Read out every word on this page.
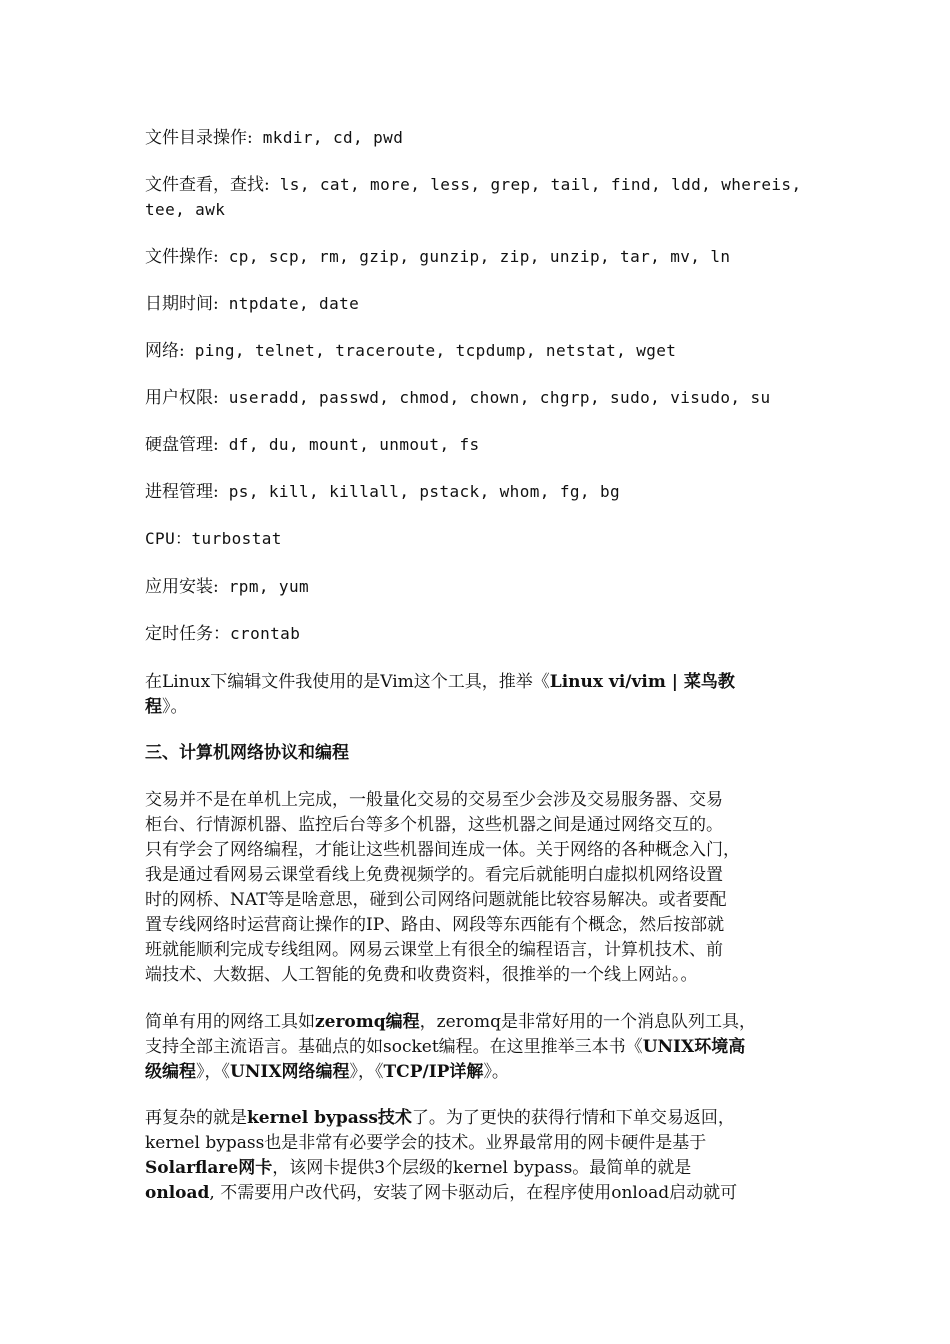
文件目录操作: mkdir, cd, pwd
文件查看，查找: ls, cat, more, less, grep, tail, find, ldd, whereis,
tee, awk
文件操作: cp, scp, rm, gzip, gunzip, zip, unzip, tar, mv, ln
日期时间: ntpdate, date
网络: ping, telnet, traceroute, tcpdump, netstat, wget
用户权限: useradd, passwd, chmod, chown, chgrp, sudo, visudo, su
硬盘管理: df, du, mount, unmout, fs
进程管理: ps, kill, killall, pstack, whom, fg, bg
CPU：turbostat
应用安装: rpm, yum
定时任务：crontab
在Linux下编辑文件我使用的是Vim这个工具，推举《Linux vi/vim | 菜鸟教
程》。
三、计算机网络协议和编程
交易并不是在单机上完成，一般量化交易的交易至少会涉及交易服务器、交易
柜台、行情源机器、监控后台等多个机器，这些机器之间是通过网络交互的。
只有学会了网络编程，才能让这些机器间连成一体。关于网络的各种概念入门，
我是通过看网易云课堂看线上免费视频学的。看完后就能明白虚拟机网络设置
时的网桥、NAT等是啥意思，碰到公司网络问题就能比较容易解决。或者要配
置专线网络时运营商让操作的IP、路由、网段等东西能有个概念，然后按部就
班就能顺利完成专线组网。网易云课堂上有很全的编程语言，计算机技术、前
端技术、大数据、人工智能的免费和收费资料，很推举的一个线上网站。。
简单有用的网络工具如zeromq编程，zeromq是非常好用的一个消息队列工具，
支持全部主流语言。基础点的如socket编程。在这里推举三本书《UNIX环境高
级编程》，《UNIX网络编程》，《TCP/IP详解》。
再复杂的就是kernel bypass技术了。为了更快的获得行情和下单交易返回，
kernel bypass也是非常有必要学会的技术。业界最常用的网卡硬件是基于
Solarflare网卡，该网卡提供3个层级的kernel bypass。最简单的就是
onload, 不需要用户改代码，安装了网卡驱动后，在程序使用onload启动就可
